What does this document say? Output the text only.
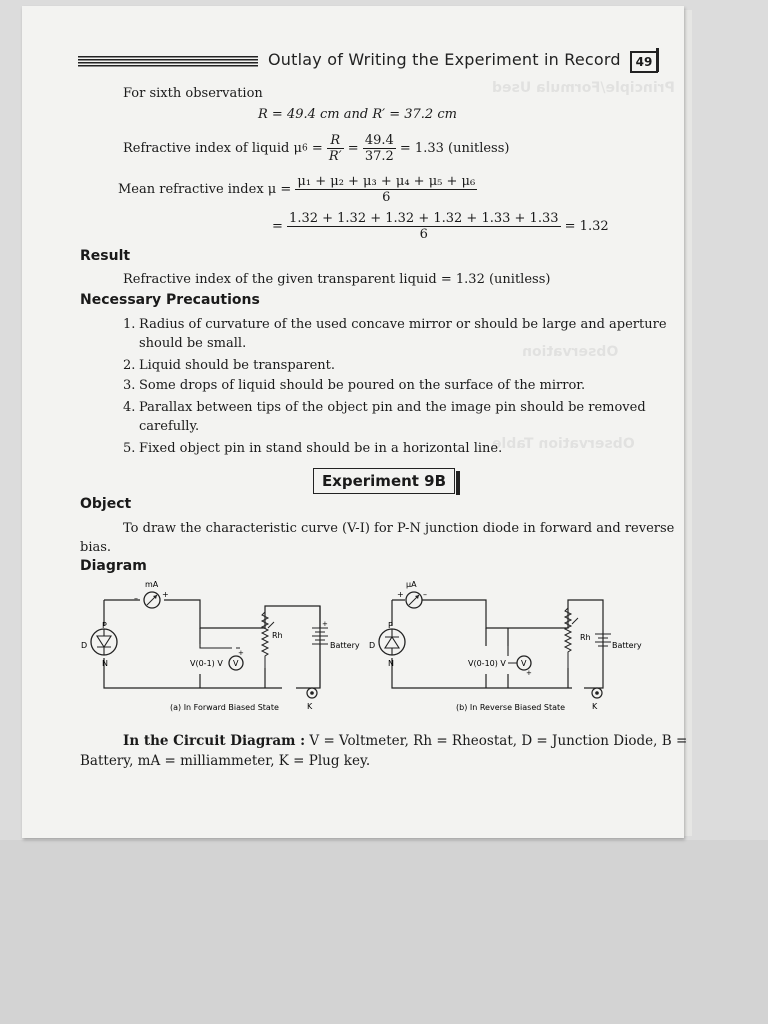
Principle/Formula Used
Observation
Observation Table
Outlay of Writing the Experiment in Record	49
For sixth observation
R = 49.4 cm and R′ = 37.2 cm
Refractive index of liquid $\mu 6 = \frac{R}{R'} = \frac{49.4}{37.2} = 1.33$ (unitless)
Mean refractive index $\mu = \frac{\text{μ₁ + μ₂ + μ₃ + μ₄ + μ₅ + μ₆}}{6}$
= $\frac{1.32 + 1.32 + 1.32 + 1.32 + 1.33 + 1.33}{6} = 1.32$
Result
Refractive index of the given transparent liquid = 1.32 (unitless)
Necessary Precautions
1. Radius of curvature of the used concave mirror or should be large and aperture
should be small.
2. Liquid should be transparent.
3. Some drops of liquid should be poured on the surface of the mirror.
4. Parallax between tips of the object pin and the image pin should be removed
carefully.
5. Fixed object pin in stand should be in a horizontal line.
Experiment 9B
Object
To draw the characteristic curve (V-I) for P-N junction diode in forward and reverse
bias.
Diagram
mA
–	+
P
N
D
V
V(0-1) V
+
Rh
Battery
+
K
(a) In Forward Biased State
μA
+ –
P
N
D
V
V(0-10) V
+
Rh
Battery
K
(b) In Reverse Biased State
In the Circuit Diagram : V = Voltmeter, Rh = Rheostat, D = Junction Diode, B =
Battery, mA = milliammeter, K = Plug key.
